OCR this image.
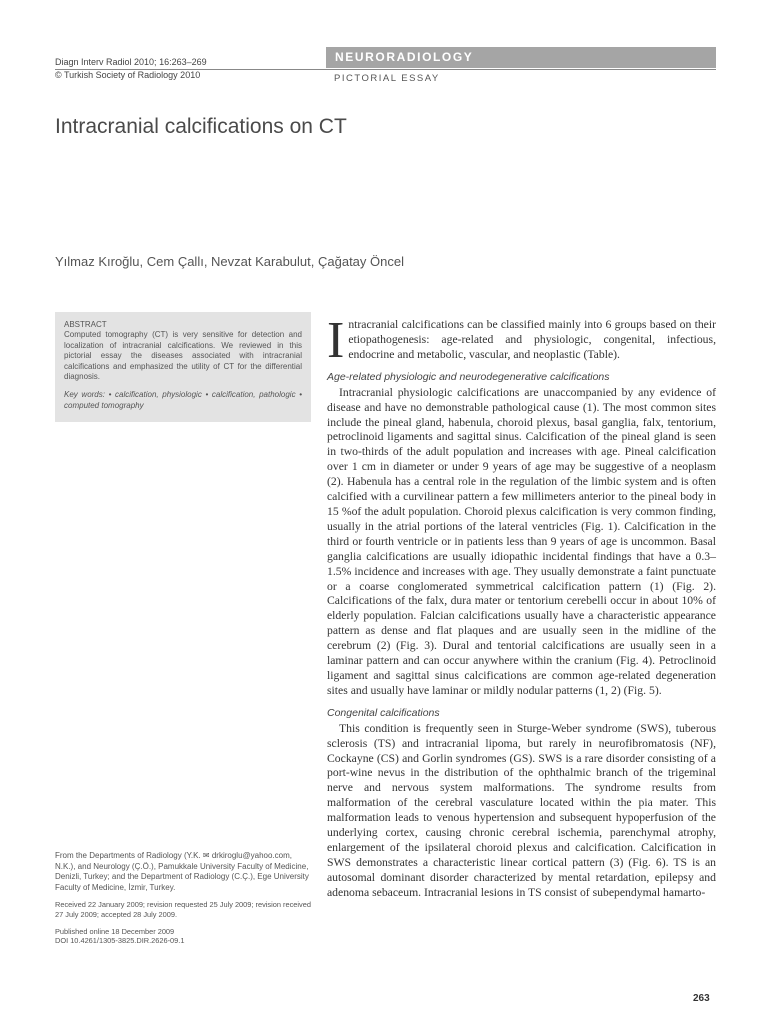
Diagn Interv Radiol 2010; 16:263–269
© Turkish Society of Radiology 2010
NEURORADIOLOGY
PICTORIAL ESSAY
Intracranial calcifications on CT
Yılmaz Kıroğlu, Cem Çallı, Nevzat Karabulut, Çağatay Öncel
ABSTRACT

Computed tomography (CT) is very sensitive for detection and localization of intracranial calcifications. We reviewed in this pictorial essay the diseases associated with intracranial calcifications and emphasized the utility of CT for the differential diagnosis.

Key words: • calcification, physiologic • calcification, pathologic • computed tomography

From the Departments of Radiology (Y.K. ✉ drkiroglu@yahoo.com, N.K.), and Neurology (Ç.Ö.), Pamukkale University Faculty of Medicine, Denizli, Turkey; and the Department of Radiology (C.Ç.), Ege University Faculty of Medicine, İzmir, Turkey.

Received 22 January 2009; revision requested 25 July 2009; revision received 27 July 2009; accepted 28 July 2009.

Published online 18 December 2009

DOI 10.4261/1305-3825.DIR.2626-09.1

Intracranial calcifications can be classified mainly into 6 groups based on their etiopathogenesis: age-related and physiologic, congenital, infectious, endocrine and metabolic, vascular, and neoplastic (Table).

Age-related physiologic and neurodegenerative calcifications

Intracranial physiologic calcifications are unaccompanied by any evidence of disease and have no demonstrable pathological cause (1). The most common sites include the pineal gland, habenula, choroid plexus, basal ganglia, falx, tentorium, petroclinoid ligaments and sagittal sinus. Calcification of the pineal gland is seen in two-thirds of the adult population and increases with age. Pineal calcification over 1 cm in diameter or under 9 years of age may be suggestive of a neoplasm (2). Habenula has a central role in the regulation of the limbic system and is often calcified with a curvilinear pattern a few millimeters anterior to the pineal body in 15 %of the adult population. Choroid plexus calcification is very common finding, usually in the atrial portions of the lateral ventricles (Fig. 1). Calcification in the third or fourth ventricle or in patients less than 9 years of age is uncommon. Basal ganglia calcifications are usually idiopathic incidental findings that have a 0.3–1.5% incidence and increases with age. They usually demonstrate a faint punctuate or a coarse conglomerated symmetrical calcification pattern (1) (Fig. 2). Calcifications of the falx, dura mater or tentorium cerebelli occur in about 10% of elderly population. Falcian calcifications usually have a characteristic appearance pattern as dense and flat plaques and are usually seen in the midline of the cerebrum (2) (Fig. 3). Dural and tentorial calcifications are usually seen in a laminar pattern and can occur anywhere within the cranium (Fig. 4). Petroclinoid ligament and sagittal sinus calcifications are common age-related degeneration sites and usually have laminar or mildly nodular patterns (1, 2) (Fig. 5).

Congenital calcifications

This condition is frequently seen in Sturge-Weber syndrome (SWS), tuberous sclerosis (TS) and intracranial lipoma, but rarely in neurofibromatosis (NF), Cockayne (CS) and Gorlin syndromes (GS). SWS is a rare disorder consisting of a port-wine nevus in the distribution of the ophthalmic branch of the trigeminal nerve and nervous system malformations. The syndrome results from malformation of the cerebral vasculature located within the pia mater. This malformation leads to venous hypertension and subsequent hypoperfusion of the underlying cortex, causing chronic cerebral ischemia, parenchymal atrophy, enlargement of the ipsilateral choroid plexus and calcification. Calcification in SWS demonstrates a characteristic linear cortical pattern (3) (Fig. 6). TS is an autosomal dominant disorder characterized by mental retardation, epilepsy and adenoma sebaceum. Intracranial lesions in TS consist of subependymal hamarto-

263
